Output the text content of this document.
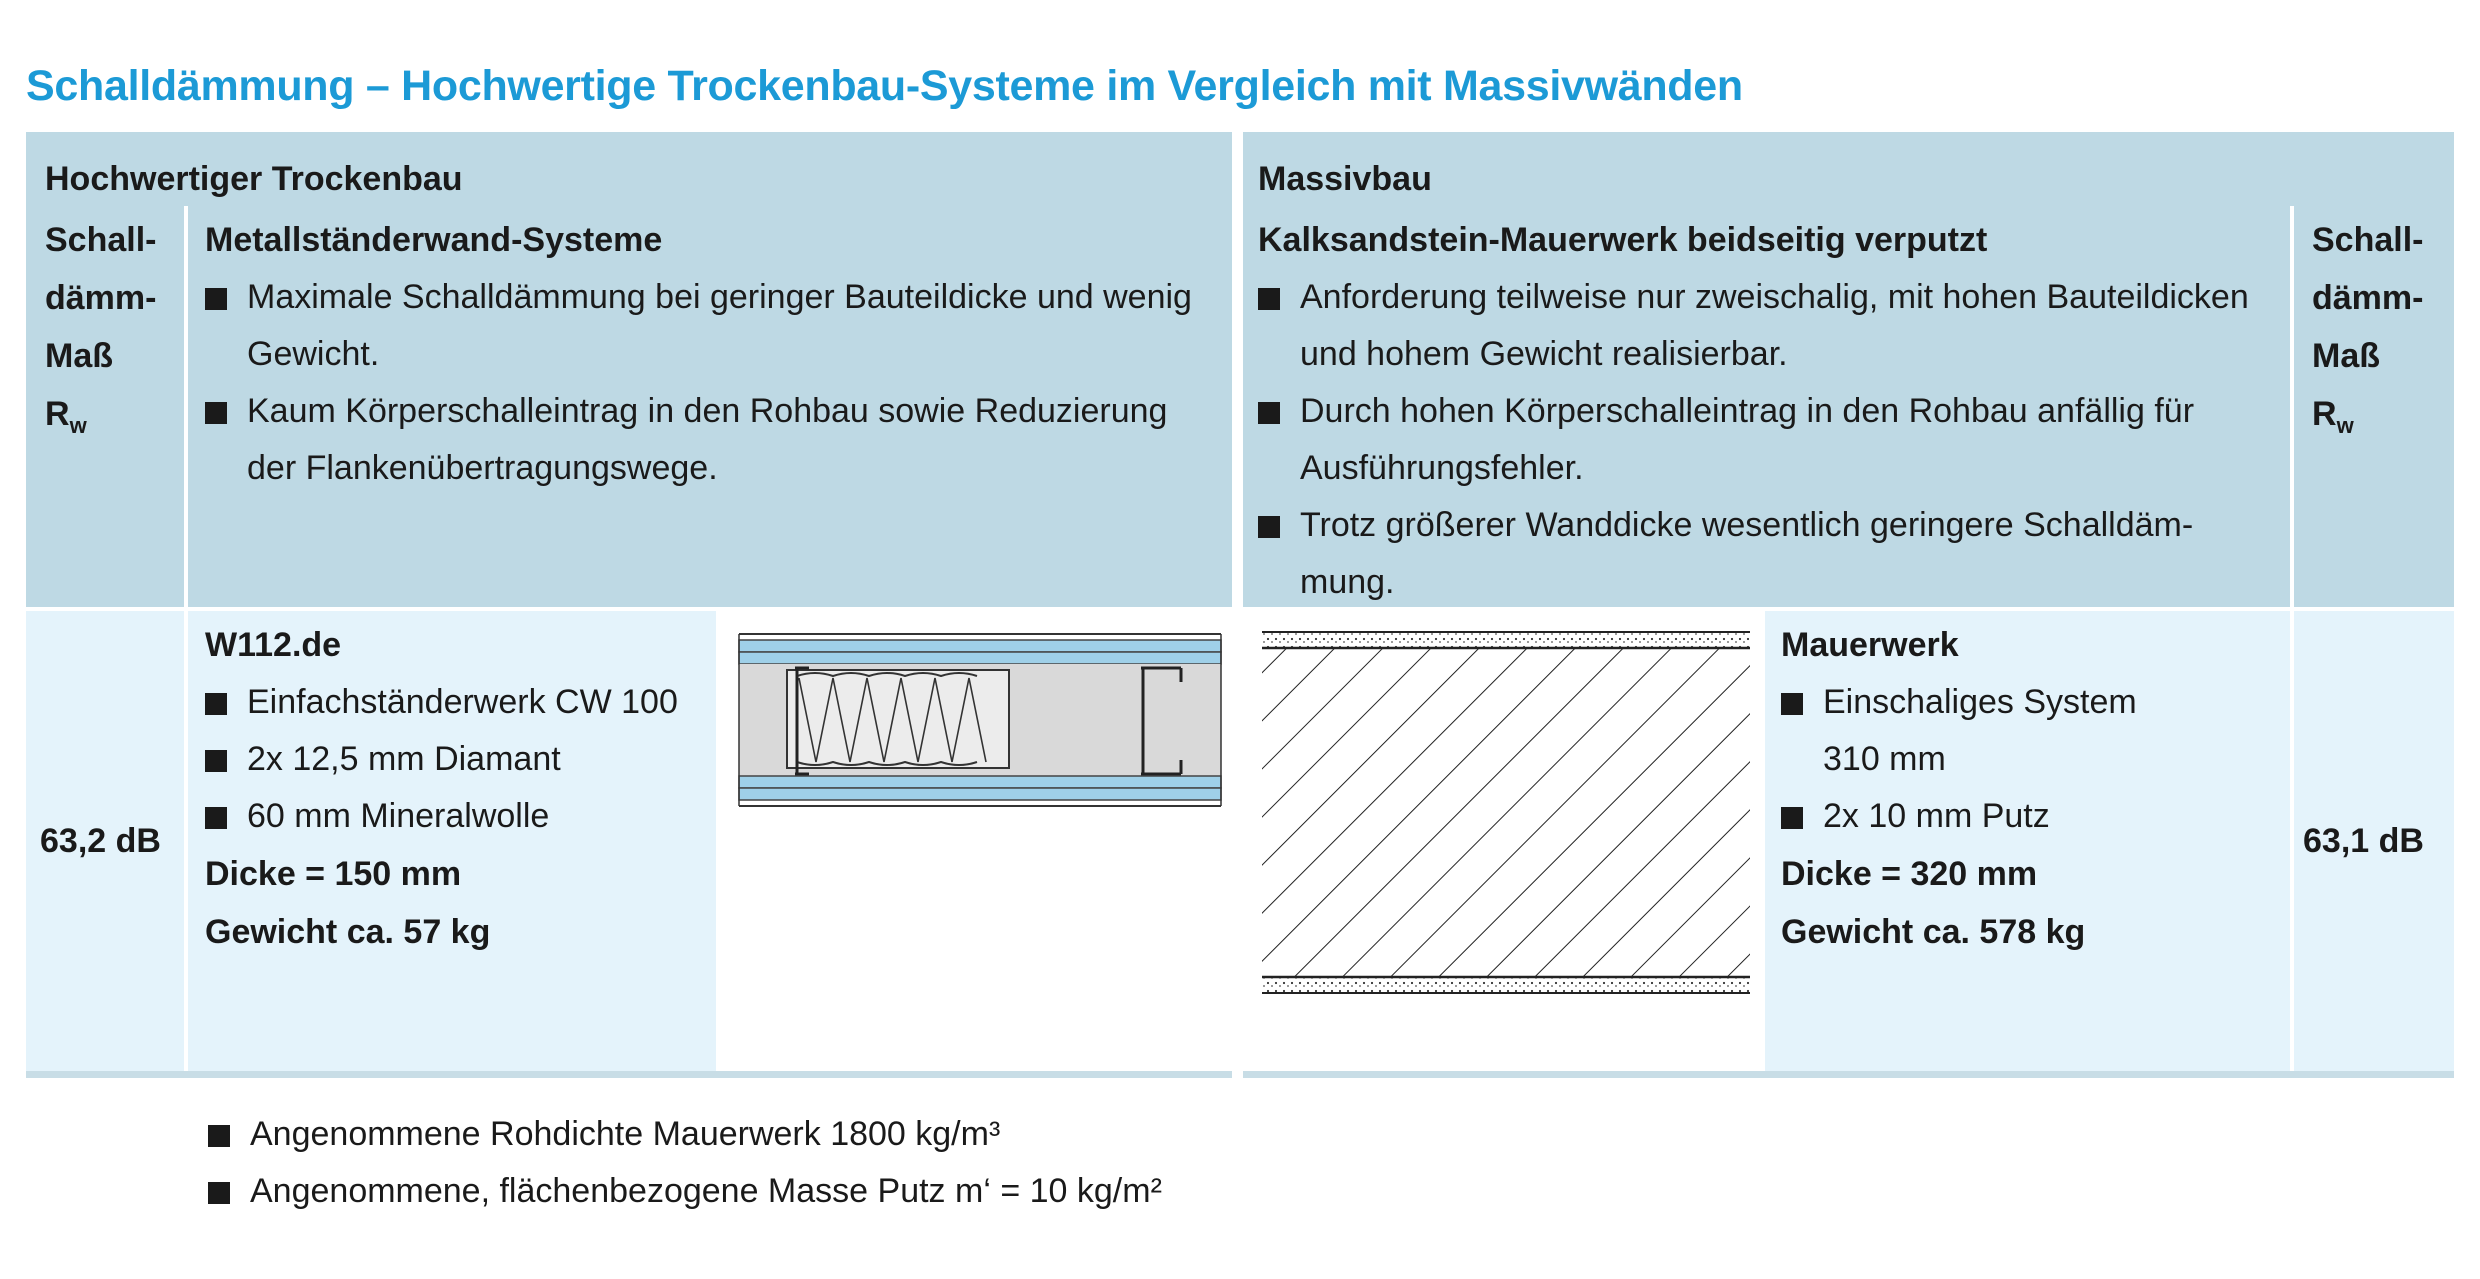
Schalldämmung – Hochwertige Trockenbau-Systeme im Vergleich mit Massivwänden
Hochwertiger Trockenbau
Schall-
dämm-
Maß
$R_w$
Metallständerwand-Systeme
Maximale Schalldämmung bei geringer Bauteildicke und wenig
Gewicht.
Kaum Körperschalleintrag in den Rohbau sowie Reduzierung
der Flankenübertragungswege.
Massivbau
Kalksandstein-Mauerwerk beidseitig verputzt
Anforderung teilweise nur zweischalig, mit hohen Bauteildicken
und hohem Gewicht realisierbar.
Durch hohen Körperschalleintrag in den Rohbau anfällig für
Ausführungsfehler.
Trotz größerer Wanddicke wesentlich geringere Schalldäm-
mung.
Schall-
dämm-
Maß
$R_w$
63,2 dB	63,1 dB
W112.de
Einfachständerwerk CW 100
2x 12,5 mm Diamant
60 mm Mineralwolle
Dicke = 150 mm
Gewicht ca. 57 kg
Mauerwerk
Einschaliges System
310 mm
2x 10 mm Putz
Dicke = 320 mm
Gewicht ca. 578 kg
Angenommene Rohdichte Mauerwerk 1800 kg/m³
Angenommene, flächenbezogene Masse Putz m‘ = 10 kg/m²
